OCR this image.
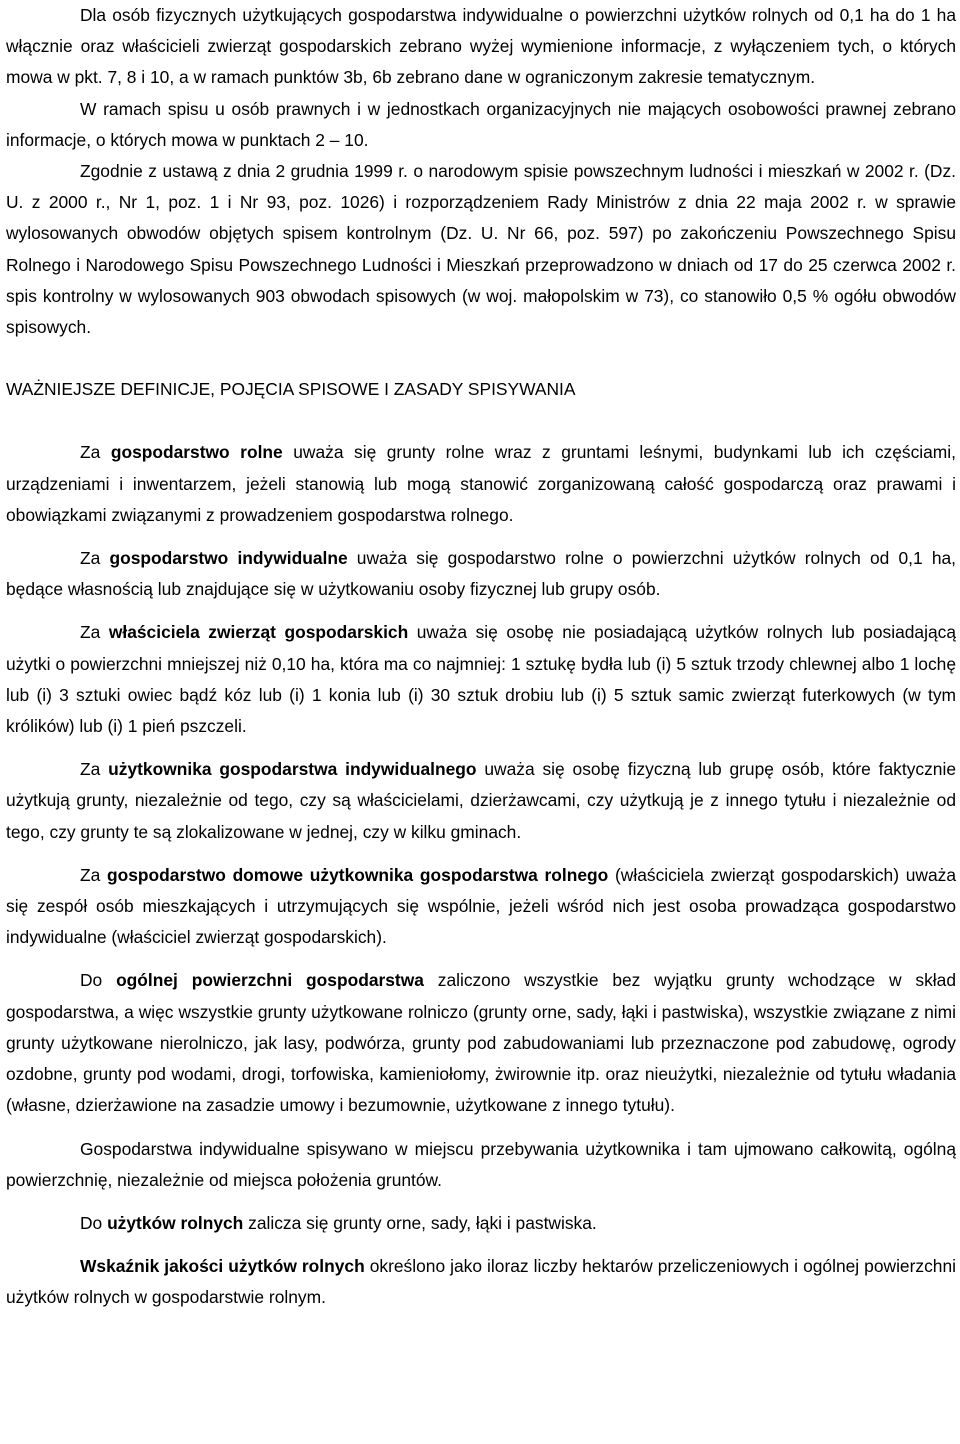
Dla osób fizycznych użytkujących gospodarstwa indywidualne o powierzchni użytków rolnych od 0,1 ha do 1 ha włącznie oraz właścicieli zwierząt gospodarskich zebrano wyżej wymienione informacje, z wyłączeniem tych, o których mowa w pkt. 7, 8 i 10, a w ramach punktów 3b, 6b zebrano dane w ograniczonym zakresie tematycznym.

W ramach spisu u osób prawnych i w jednostkach organizacyjnych nie mających osobowości prawnej zebrano informacje, o których mowa w punktach 2 – 10.

Zgodnie z ustawą z dnia 2 grudnia 1999 r. o narodowym spisie powszechnym ludności i mieszkań w 2002 r. (Dz. U. z 2000 r., Nr 1, poz. 1 i Nr 93, poz. 1026) i rozporządzeniem Rady Ministrów z dnia 22 maja 2002 r. w sprawie wylosowanych obwodów objętych spisem kontrolnym (Dz. U. Nr 66, poz. 597) po zakończeniu Powszechnego Spisu Rolnego i Narodowego Spisu Powszechnego Ludności i Mieszkań przeprowadzono w dniach od 17 do 25 czerwca 2002 r. spis kontrolny w wylosowanych 903 obwodach spisowych (w woj. małopolskim w 73), co stanowiło 0,5 % ogółu obwodów spisowych.

WAŻNIEJSZE DEFINICJE, POJĘCIA SPISOWE I ZASADY SPISYWANIA

Za gospodarstwo rolne uważa się grunty rolne wraz z gruntami leśnymi, budynkami lub ich częściami, urządzeniami i inwentarzem, jeżeli stanowią lub mogą stanowić zorganizowaną całość gospodarczą oraz prawami i obowiązkami związanymi z prowadzeniem gospodarstwa rolnego.

Za gospodarstwo indywidualne uważa się gospodarstwo rolne o powierzchni użytków rolnych od 0,1 ha, będące własnością lub znajdujące się w użytkowaniu osoby fizycznej lub grupy osób.

Za właściciela zwierząt gospodarskich uważa się osobę nie posiadającą użytków rolnych lub posiadającą użytki o powierzchni mniejszej niż 0,10 ha, która ma co najmniej: 1 sztukę bydła lub (i) 5 sztuk trzody chlewnej albo 1 lochę lub (i) 3 sztuki owiec bądź kóz lub (i) 1 konia lub (i) 30 sztuk drobiu lub (i) 5 sztuk samic zwierząt futerkowych (w tym królików) lub (i) 1 pień pszczeli.

Za użytkownika gospodarstwa indywidualnego uważa się osobę fizyczną lub grupę osób, które faktycznie użytkują grunty, niezależnie od tego, czy są właścicielami, dzierżawcami, czy użytkują je z innego tytułu i niezależnie od tego, czy grunty te są zlokalizowane w jednej, czy w kilku gminach.

Za gospodarstwo domowe użytkownika gospodarstwa rolnego (właściciela zwierząt gospodarskich) uważa się zespół osób mieszkających i utrzymujących się wspólnie, jeżeli wśród nich jest osoba prowadząca gospodarstwo indywidualne (właściciel zwierząt gospodarskich).

Do ogólnej powierzchni gospodarstwa zaliczono wszystkie bez wyjątku grunty wchodzące w skład gospodarstwa, a więc wszystkie grunty użytkowane rolniczo (grunty orne, sady, łąki i pastwiska), wszystkie związane z nimi grunty użytkowane nierolniczo, jak lasy, podwórza, grunty pod zabudowaniami lub przeznaczone pod zabudowę, ogrody ozdobne, grunty pod wodami, drogi, torfowiska, kamieniołomy, żwirownie itp. oraz nieużytki, niezależnie od tytułu władania (własne, dzierżawione na zasadzie umowy i bezumownie, użytkowane z innego tytułu).

Gospodarstwa indywidualne spisywano w miejscu przebywania użytkownika i tam ujmowano całkowitą, ogólną powierzchnię, niezależnie od miejsca położenia gruntów.

Do użytków rolnych zalicza się grunty orne, sady, łąki i pastwiska.

Wskaźnik jakości użytków rolnych określono jako iloraz liczby hektarów przeliczeniowych i ogólnej powierzchni użytków rolnych w gospodarstwie rolnym.
